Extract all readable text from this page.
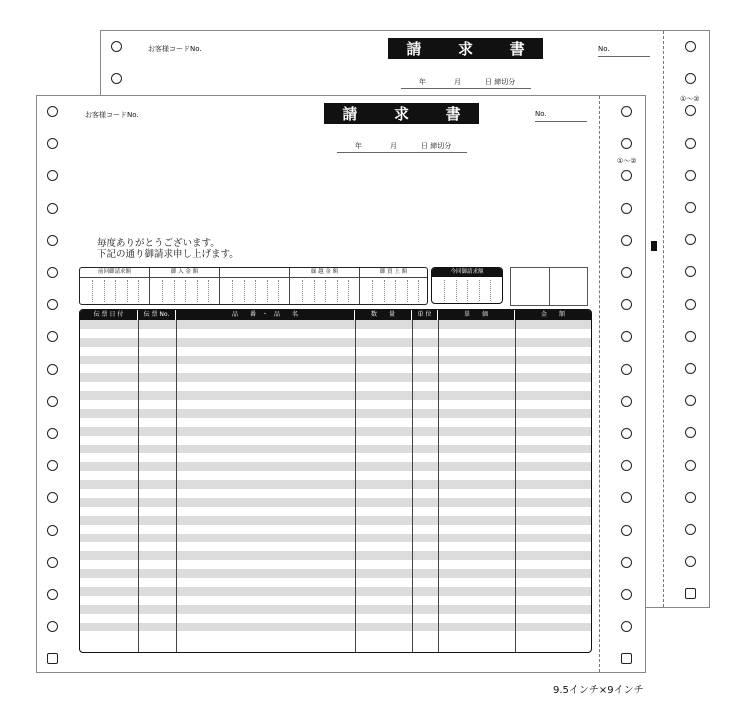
お客様コードNo.	請 求 書	No.
年	月	日 締切分
①〜②
お客様コードNo.	請 求 書	No.
年	月	日 締切分
①〜②
毎度ありがとうございます。
下記の通り御請求申し上げます。
前回御請求額	御 入 金 額	繰 越 金 額	御 買 上 額	今回御請求額
伝 票 日 付	伝 票 No.	品　　番　・　品　　名	数　　量	単 位	単　　価	金　　額
9.5インチ×9インチ
